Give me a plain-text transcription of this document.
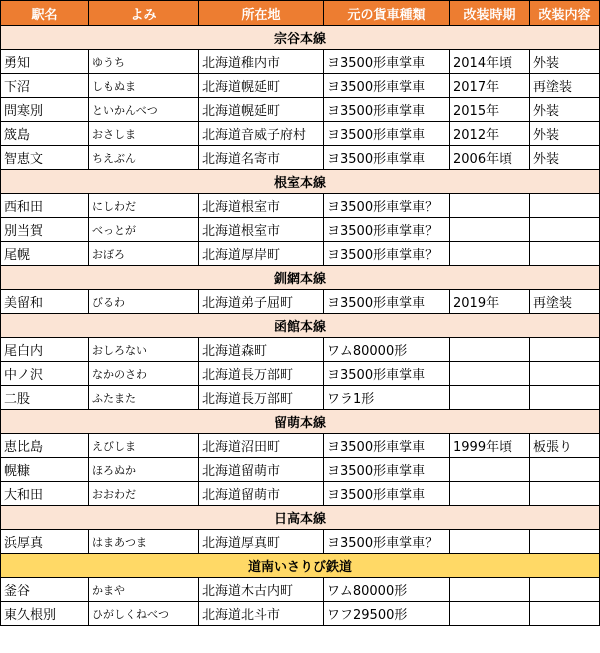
駅名	よみ	所在地	元の貨車種類	改装時期	改装内容
宗谷本線					
勇知	ゆうち	北海道稚内市	ヨ3500形車掌車	2014年頃	外装
下沼	しもぬま	北海道幌延町	ヨ3500形車掌車	2017年	再塗装
問寒別	といかんべつ	北海道幌延町	ヨ3500形車掌車	2015年	外装
筬島	おさしま	北海道音威子府村	ヨ3500形車掌車	2012年	外装
智恵文	ちえぶん	北海道名寄市	ヨ3500形車掌車	2006年頃	外装
根室本線					
西和田	にしわだ	北海道根室市	ヨ3500形車掌車？		
別当賀	べっとが	北海道根室市	ヨ3500形車掌車？		
尾幌	おぼろ	北海道厚岸町	ヨ3500形車掌車？		
釧網本線					
美留和	びるわ	北海道弟子屈町	ヨ3500形車掌車	2019年	再塗装
函館本線					
尾白内	おしろない	北海道森町	ワム80000形		
中ノ沢	なかのさわ	北海道長万部町	ヨ3500形車掌車		
二股	ふたまた	北海道長万部町	ワラ1形		
留萌本線					
恵比島	えびしま	北海道沼田町	ヨ3500形車掌車	1999年頃	板張り
幌糠	ほろぬか	北海道留萌市	ヨ3500形車掌車		
大和田	おおわだ	北海道留萌市	ヨ3500形車掌車		
日高本線					
浜厚真	はまあつま	北海道厚真町	ヨ3500形車掌車？		
道南いさりび鉄道					
釜谷	かまや	北海道木古内町	ワム80000形		
東久根別	ひがしくねべつ	北海道北斗市	ワフ29500形		
